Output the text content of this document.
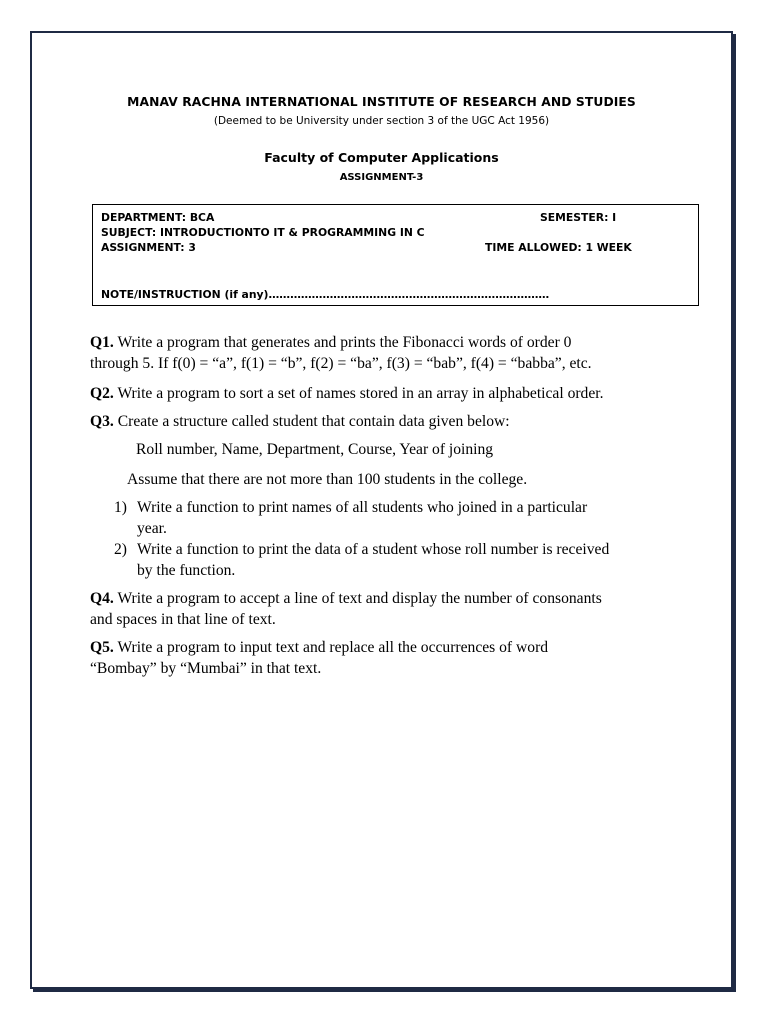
MANAV RACHNA INTERNATIONAL INSTITUTE OF RESEARCH AND STUDIES
(Deemed to be University under section 3 of the UGC Act 1956)
Faculty of Computer Applications
ASSIGNMENT-3
DEPARTMENT: BCA	SEMESTER: I
SUBJECT: INTRODUCTIONTO IT & PROGRAMMING IN C
ASSIGNMENT: 3	TIME ALLOWED: 1 WEEK
NOTE/INSTRUCTION (if any)……………………………………………………………………
Q1. Write a program that generates and prints the Fibonacci words of order 0
through 5. If f(0) = “a”, f(1) = “b”, f(2) = “ba”, f(3) = “bab”, f(4) = “babba”, etc.
Q2. Write a program to sort a set of names stored in an array in alphabetical order.
Q3. Create a structure called student that contain data given below:
Roll number, Name, Department, Course, Year of joining
Assume that there are not more than 100 students in the college.
1) Write a function to print names of all students who joined in a particular
year.
2) Write a function to print the data of a student whose roll number is received
by the function.
Q4. Write a program to accept a line of text and display the number of consonants
and spaces in that line of text.
Q5. Write a program to input text and replace all the occurrences of word
“Bombay” by “Mumbai” in that text.
